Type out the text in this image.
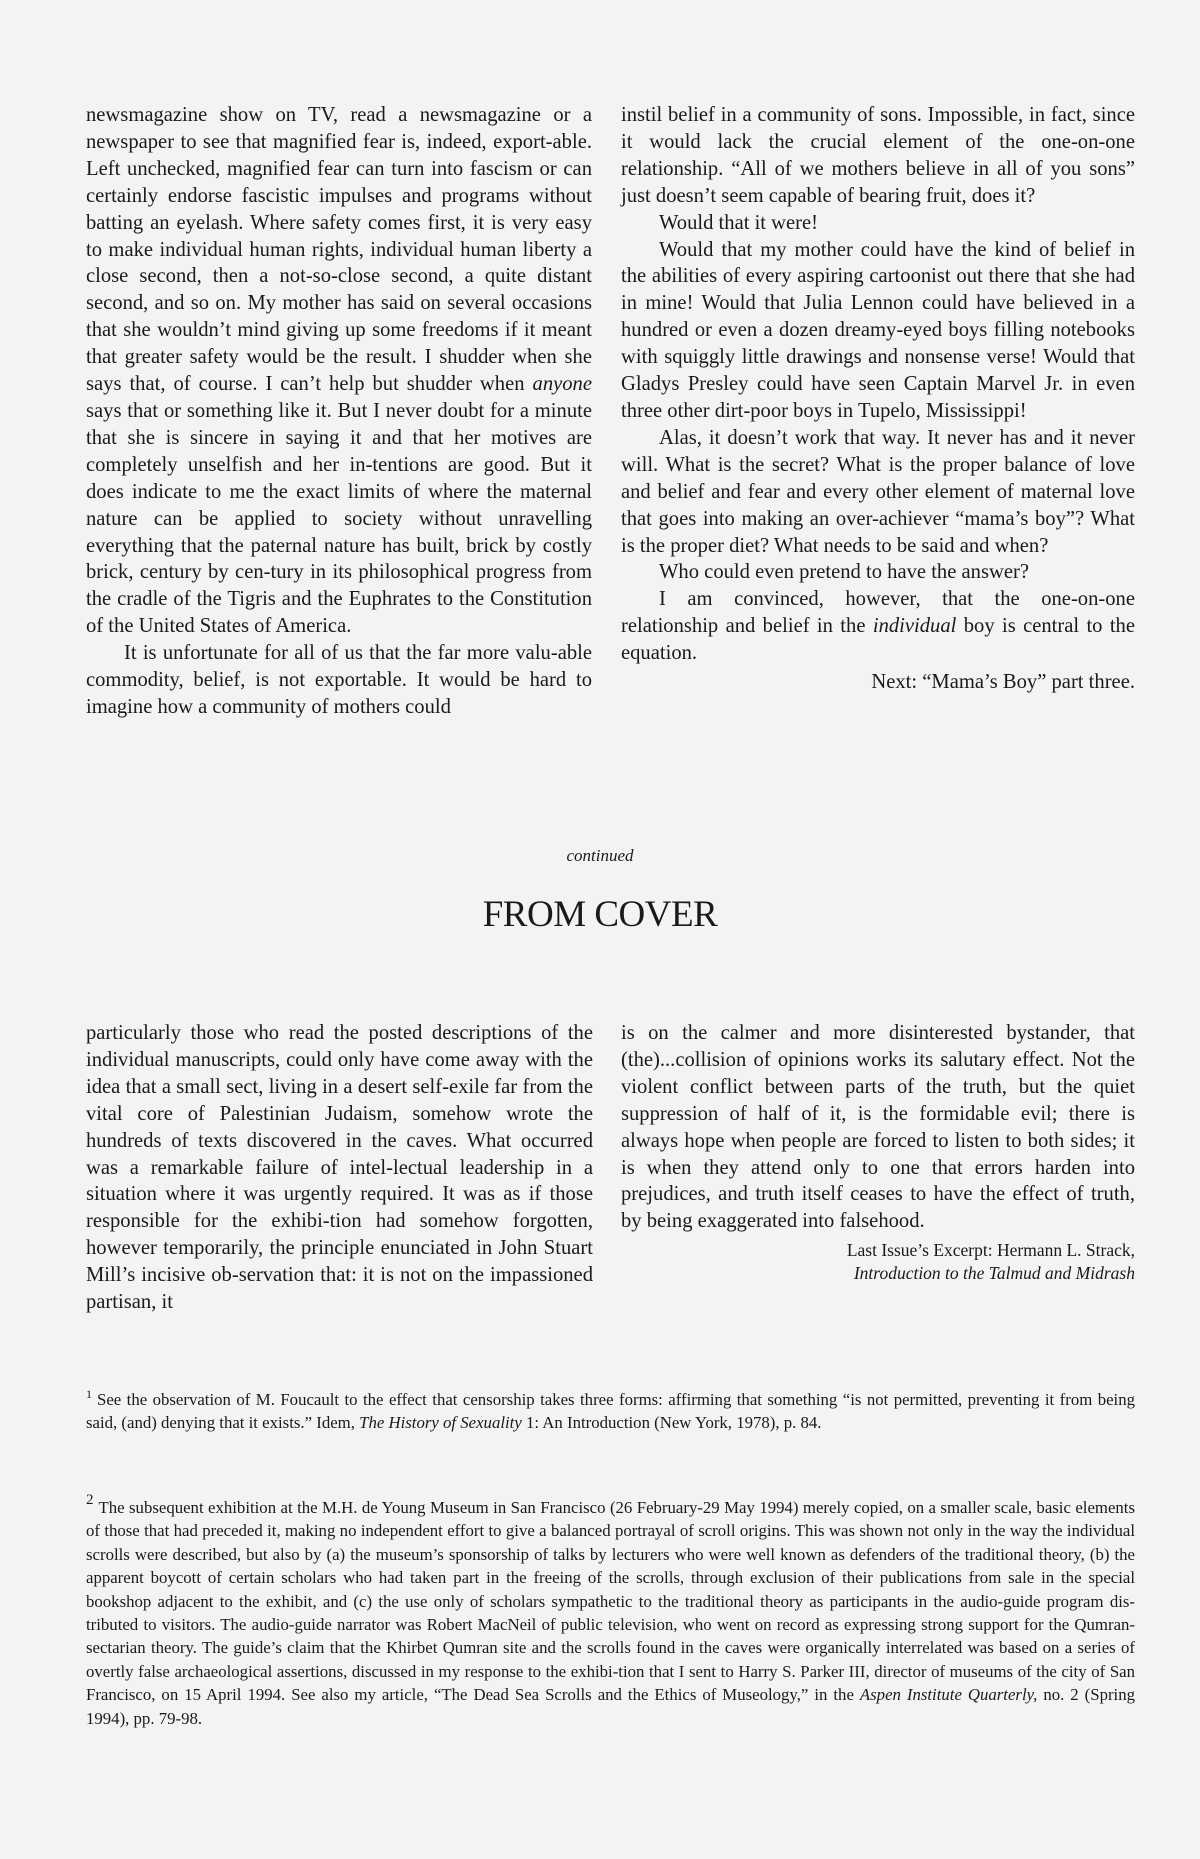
newsmagazine show on TV, read a newsmagazine or a newspaper to see that magnified fear is, indeed, export-able. Left unchecked, magnified fear can turn into fascism or can certainly endorse fascistic impulses and programs without batting an eyelash. Where safety comes first, it is very easy to make individual human rights, individual human liberty a close second, then a not-so-close second, a quite distant second, and so on. My mother has said on several occasions that she wouldn’t mind giving up some freedoms if it meant that greater safety would be the result. I shudder when she says that, of course. I can’t help but shudder when anyone says that or something like it. But I never doubt for a minute that she is sincere in saying it and that her motives are completely unselfish and her in-tentions are good. But it does indicate to me the exact limits of where the maternal nature can be applied to society without unravelling everything that the paternal nature has built, brick by costly brick, century by cen-tury in its philosophical progress from the cradle of the Tigris and the Euphrates to the Constitution of the United States of America.

It is unfortunate for all of us that the far more valu-able commodity, belief, is not exportable. It would be hard to imagine how a community of mothers could

instil belief in a community of sons. Impossible, in fact, since it would lack the crucial element of the one-on-one relationship. “All of we mothers believe in all of you sons” just doesn’t seem capable of bearing fruit, does it?

Would that it were!

Would that my mother could have the kind of belief in the abilities of every aspiring cartoonist out there that she had in mine! Would that Julia Lennon could have believed in a hundred or even a dozen dreamy-eyed boys filling notebooks with squiggly little drawings and nonsense verse! Would that Gladys Presley could have seen Captain Marvel Jr. in even three other dirt-poor boys in Tupelo, Mississippi!

Alas, it doesn’t work that way. It never has and it never will. What is the secret? What is the proper balance of love and belief and fear and every other element of maternal love that goes into making an over-achiever “mama’s boy”? What is the proper diet? What needs to be said and when?

Who could even pretend to have the answer?

I am convinced, however, that the one-on-one relationship and belief in the individual boy is central to the equation.

Next: “Mama’s Boy” part three.

continued
FROM COVER

particularly those who read the posted descriptions of the individual manuscripts, could only have come away with the idea that a small sect, living in a desert self-exile far from the vital core of Palestinian Judaism, somehow wrote the hundreds of texts discovered in the caves. What occurred was a remarkable failure of intel-lectual leadership in a situation where it was urgently required. It was as if those responsible for the exhibi-tion had somehow forgotten, however temporarily, the principle enunciated in John Stuart Mill’s incisive ob-servation that: it is not on the impassioned partisan, it

is on the calmer and more disinterested bystander, that (the)...collision of opinions works its salutary effect. Not the violent conflict between parts of the truth, but the quiet suppression of half of it, is the formidable evil; there is always hope when people are forced to listen to both sides; it is when they attend only to one that errors harden into prejudices, and truth itself ceases to have the effect of truth, by being exaggerated into falsehood.

Last Issue’s Excerpt: Hermann L. Strack,
Introduction to the Talmud and Midrash
$^1$ See the observation of M. Foucault to the effect that censorship takes three forms: affirming that something “is not permitted, preventing it from being said, (and) denying that it exists.” Idem, The History of Sexuality 1: An Introduction (New York, 1978), p. 84.
$^2$ The subsequent exhibition at the M.H. de Young Museum in San Francisco (26 February-29 May 1994) merely copied, on a smaller scale, basic elements of those that had preceded it, making no independent effort to give a balanced portrayal of scroll origins. This was shown not only in the way the individual scrolls were described, but also by (a) the museum’s sponsorship of talks by lecturers who were well known as defenders of the traditional theory, (b) the apparent boycott of certain scholars who had taken part in the freeing of the scrolls, through exclusion of their publications from sale in the special bookshop adjacent to the exhibit, and (c) the use only of scholars sympathetic to the traditional theory as participants in the audio-guide program dis-tributed to visitors. The audio-guide narrator was Robert MacNeil of public television, who went on record as expressing strong support for the Qumran-sectarian theory. The guide’s claim that the Khirbet Qumran site and the scrolls found in the caves were organically interrelated was based on a series of overtly false archaeological assertions, discussed in my response to the exhibi-tion that I sent to Harry S. Parker III, director of museums of the city of San Francisco, on 15 April 1994. See also my article, “The Dead Sea Scrolls and the Ethics of Museology,” in the Aspen Institute Quarterly, no. 2 (Spring 1994), pp. 79-98.
